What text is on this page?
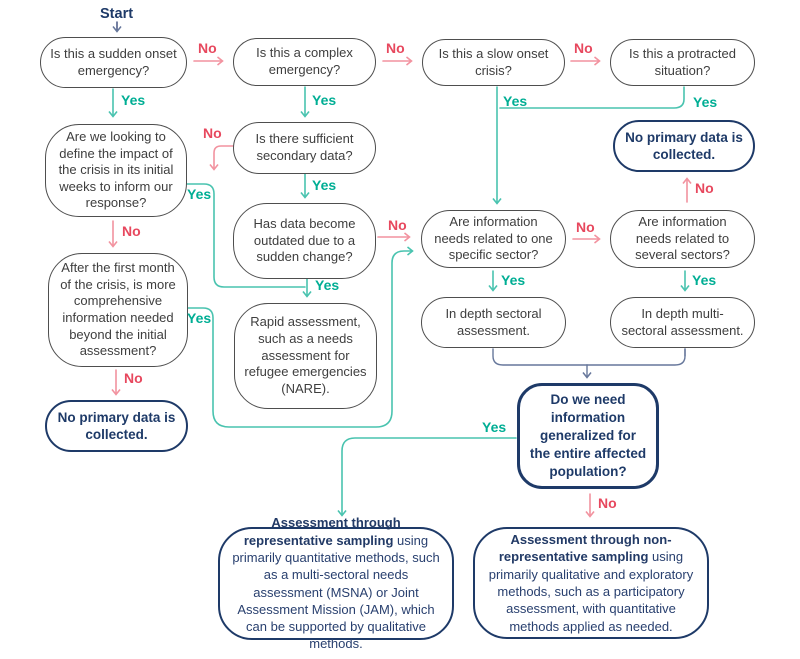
Start
Is this a sudden onset emergency?
Is this a complex emergency?
Is this a slow onset crisis?
Is this a protracted situation?
Are we looking to define the impact of the crisis in its initial weeks to inform our response?
Is there sufficient secondary data?
No primary data is collected.
Has data become outdated due to a sudden change?
Are information needs related to one specific sector?
Are information needs related to several sectors?
After the first month of the crisis, is more comprehensive information needed beyond the initial assessment?
Rapid assessment, such as a needs assessment for refugee emergencies (NARE).
In depth sectoral assessment.
In depth multi-sectoral assessment.
No primary data is collected.
Do we need information generalized for the entire affected population?
Assessment through representative sampling using primarily quantitative methods, such as a multi-sectoral needs assessment (MSNA) or Joint Assessment Mission (JAM), which can be supported by qualitative methods.
Assessment through non-representative sampling using primarily qualitative and exploratory methods, such as a participatory assessment, with quantitative methods applied as needed.
No	No	No
Yes	Yes	Yes	Yes
No
Yes
Yes
No	No	No
Yes	Yes	Yes
No
Yes
No
Yes
No
